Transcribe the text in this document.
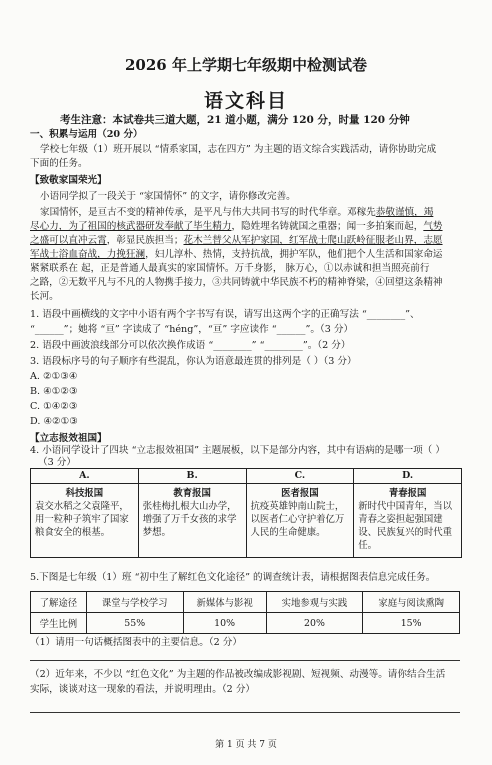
2026 年上学期七年级期中检测试卷
语文科目
考生注意：本试卷共三道大题，21 道小题，满分 120 分，时量 120 分钟
一、积累与运用（20 分）
学校七年级（1）班开展以 “情系家国，志在四方” 为主题的语文综合实践活动，请你协助完成
下面的任务。
【致敬家国荣光】
小语同学拟了一段关于 “家国情怀” 的文字，请你修改完善。
家国情怀，是亘古不变的精神传承，是平凡与伟大共同书写的时代华章。邓稼先恭敬谨慎，竭
尽心力，为了祖国的核武器研发奉献了毕生精力，隐姓埋名铸就国之重器；闻一多拍案而起，气势
之盛可以直冲云霄，彰显民族担当；花木兰替父从军护家国，红军战士爬山跃岭征服老山界，志愿
军战士浴血奋战，力挽狂澜，妇儿淳朴、热情，支持抗战，拥护军队，他们把个人生活和国家命运
紧紧联系在 起，正是普通人最真实的家国情怀。万千身影， 脉万心，①以赤诚和担当照亮前行
之路，②无数平凡与不凡的人物携手接力，③共同铸就中华民族不朽的精神脊梁，④回望这条精神
长河。
1. 语段中画横线的文字中小语有两个字书写有误，请写出这两个字的正确写法 “________”、
“______”；她将 “亘” 字读成了 “héng”，“亘” 字应读作 “______”。（3 分）
2. 语段中画波浪线部分可以依次换作成语 “________” “________”。（2 分）
3. 语段标序号的句子顺序有些混乱，你认为语意最连贯的排列是（ ）（3 分）
A. ②①③④
B. ④①②③
C. ①④②③
D. ④②①③
【立志报效祖国】
4. 小语同学设计了四块 “立志报效祖国” 主题展板，以下是部分内容，其中有语病的是哪一项（ ）
（3 分）
A.
科技报国
袁交水稻之父袁隆平，用一粒种子筑牢了国家粮食安全的根基。
B.
教育报国
张桂梅扎根大山办学，增强了万千女孩的求学梦想。
C.
医者报国
抗疫英雄钟南山院士，以医者仁心守护着亿万人民的生命健康。
D.
青春报国
新时代中国青年，当以青春之姿担起强国建设、民族复兴的时代重任。
5.下图是七年级（1）班 “初中生了解红色文化途径” 的调查统计表，请根据图表信息完成任务。
了解途径	课堂与学校学习	新媒体与影视	实地参观与实践	家庭与阅读熏陶
学生比例	55%	10%	20%	15%
（1）请用一句话概括图表中的主要信息。（2 分）
（2）近年来，不少以 “红色文化” 为主题的作品被改编成影视剧、短视频、动漫等。请你结合生活
实际，谈谈对这一现象的看法，并说明理由。（2 分）
第 1 页 共 7 页
